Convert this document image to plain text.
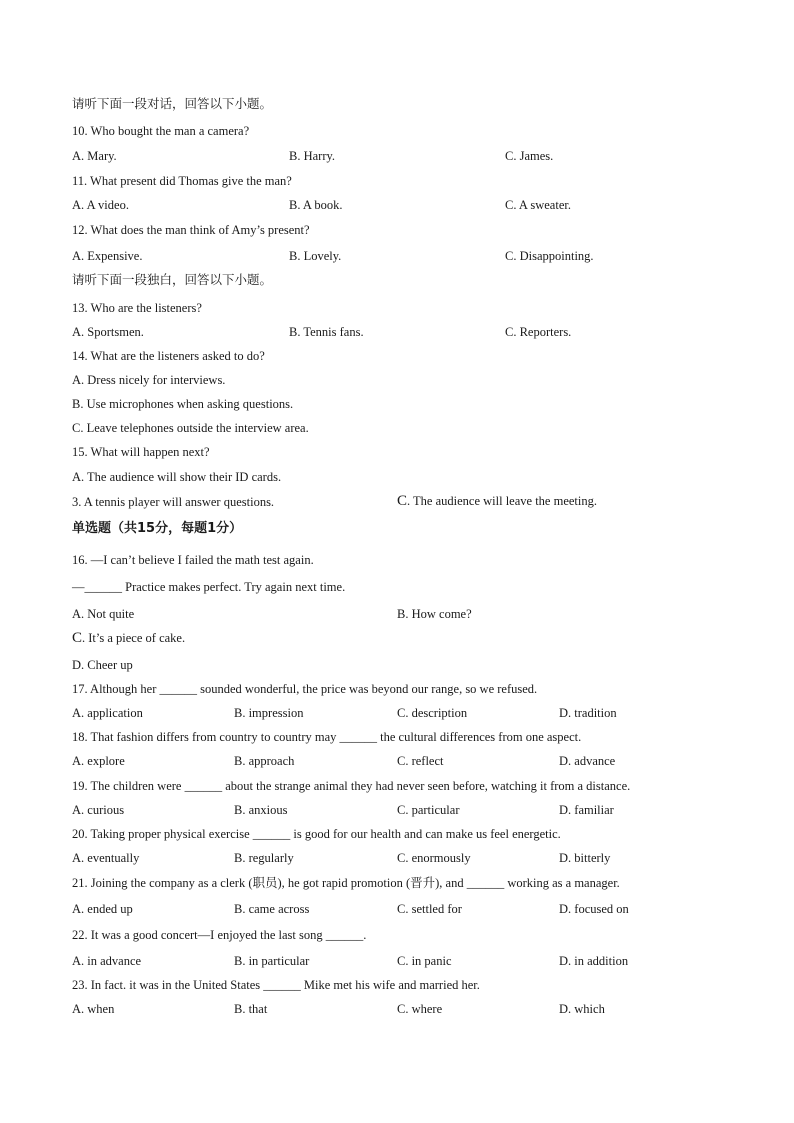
请听下面一段对话，回答以下小题。
10. Who bought the man a camera?
A. Mary.	B. Harry.	C. James.
11. What present did Thomas give the man?
A. A video.	B. A book.	C. A sweater.
12. What does the man think of Amy’s present?
A. Expensive.	B. Lovely.	C. Disappointing.
请听下面一段独白，回答以下小题。
13. Who are the listeners?
A. Sportsmen.	B. Tennis fans.	C. Reporters.
14. What are the listeners asked to do?
A. Dress nicely for interviews.
B. Use microphones when asking questions.
C. Leave telephones outside the interview area.
15. What will happen next?
A. The audience will show their ID cards.
3. A tennis player will answer questions.	C. The audience will leave the meeting.
单选题（共15分，每题1分）
16. —I can’t believe I failed the math test again.
—______ Practice makes perfect. Try again next time.
A. Not quite	B. How come?
C. It’s a piece of cake.
D. Cheer up
17. Although her ______ sounded wonderful, the price was beyond our range, so we refused.
A. application	B. impression	C. description	D. tradition
18. That fashion differs from country to country may ______ the cultural differences from one aspect.
A. explore	B. approach	C. reflect	D. advance
19. The children were ______ about the strange animal they had never seen before, watching it from a distance.
A. curious	B. anxious	C. particular	D. familiar
20. Taking proper physical exercise ______ is good for our health and can make us feel energetic.
A. eventually	B. regularly	C. enormously	D. bitterly
21. Joining the company as a clerk (职员), he got rapid promotion (晋升), and ______ working as a manager.
A. ended up	B. came across	C. settled for	D. focused on
22. It was a good concert—I enjoyed the last song ______.
A. in advance	B. in particular	C. in panic	D. in addition
23. In fact. it was in the United States ______ Mike met his wife and married her.
A. when	B. that	C. where	D. which
